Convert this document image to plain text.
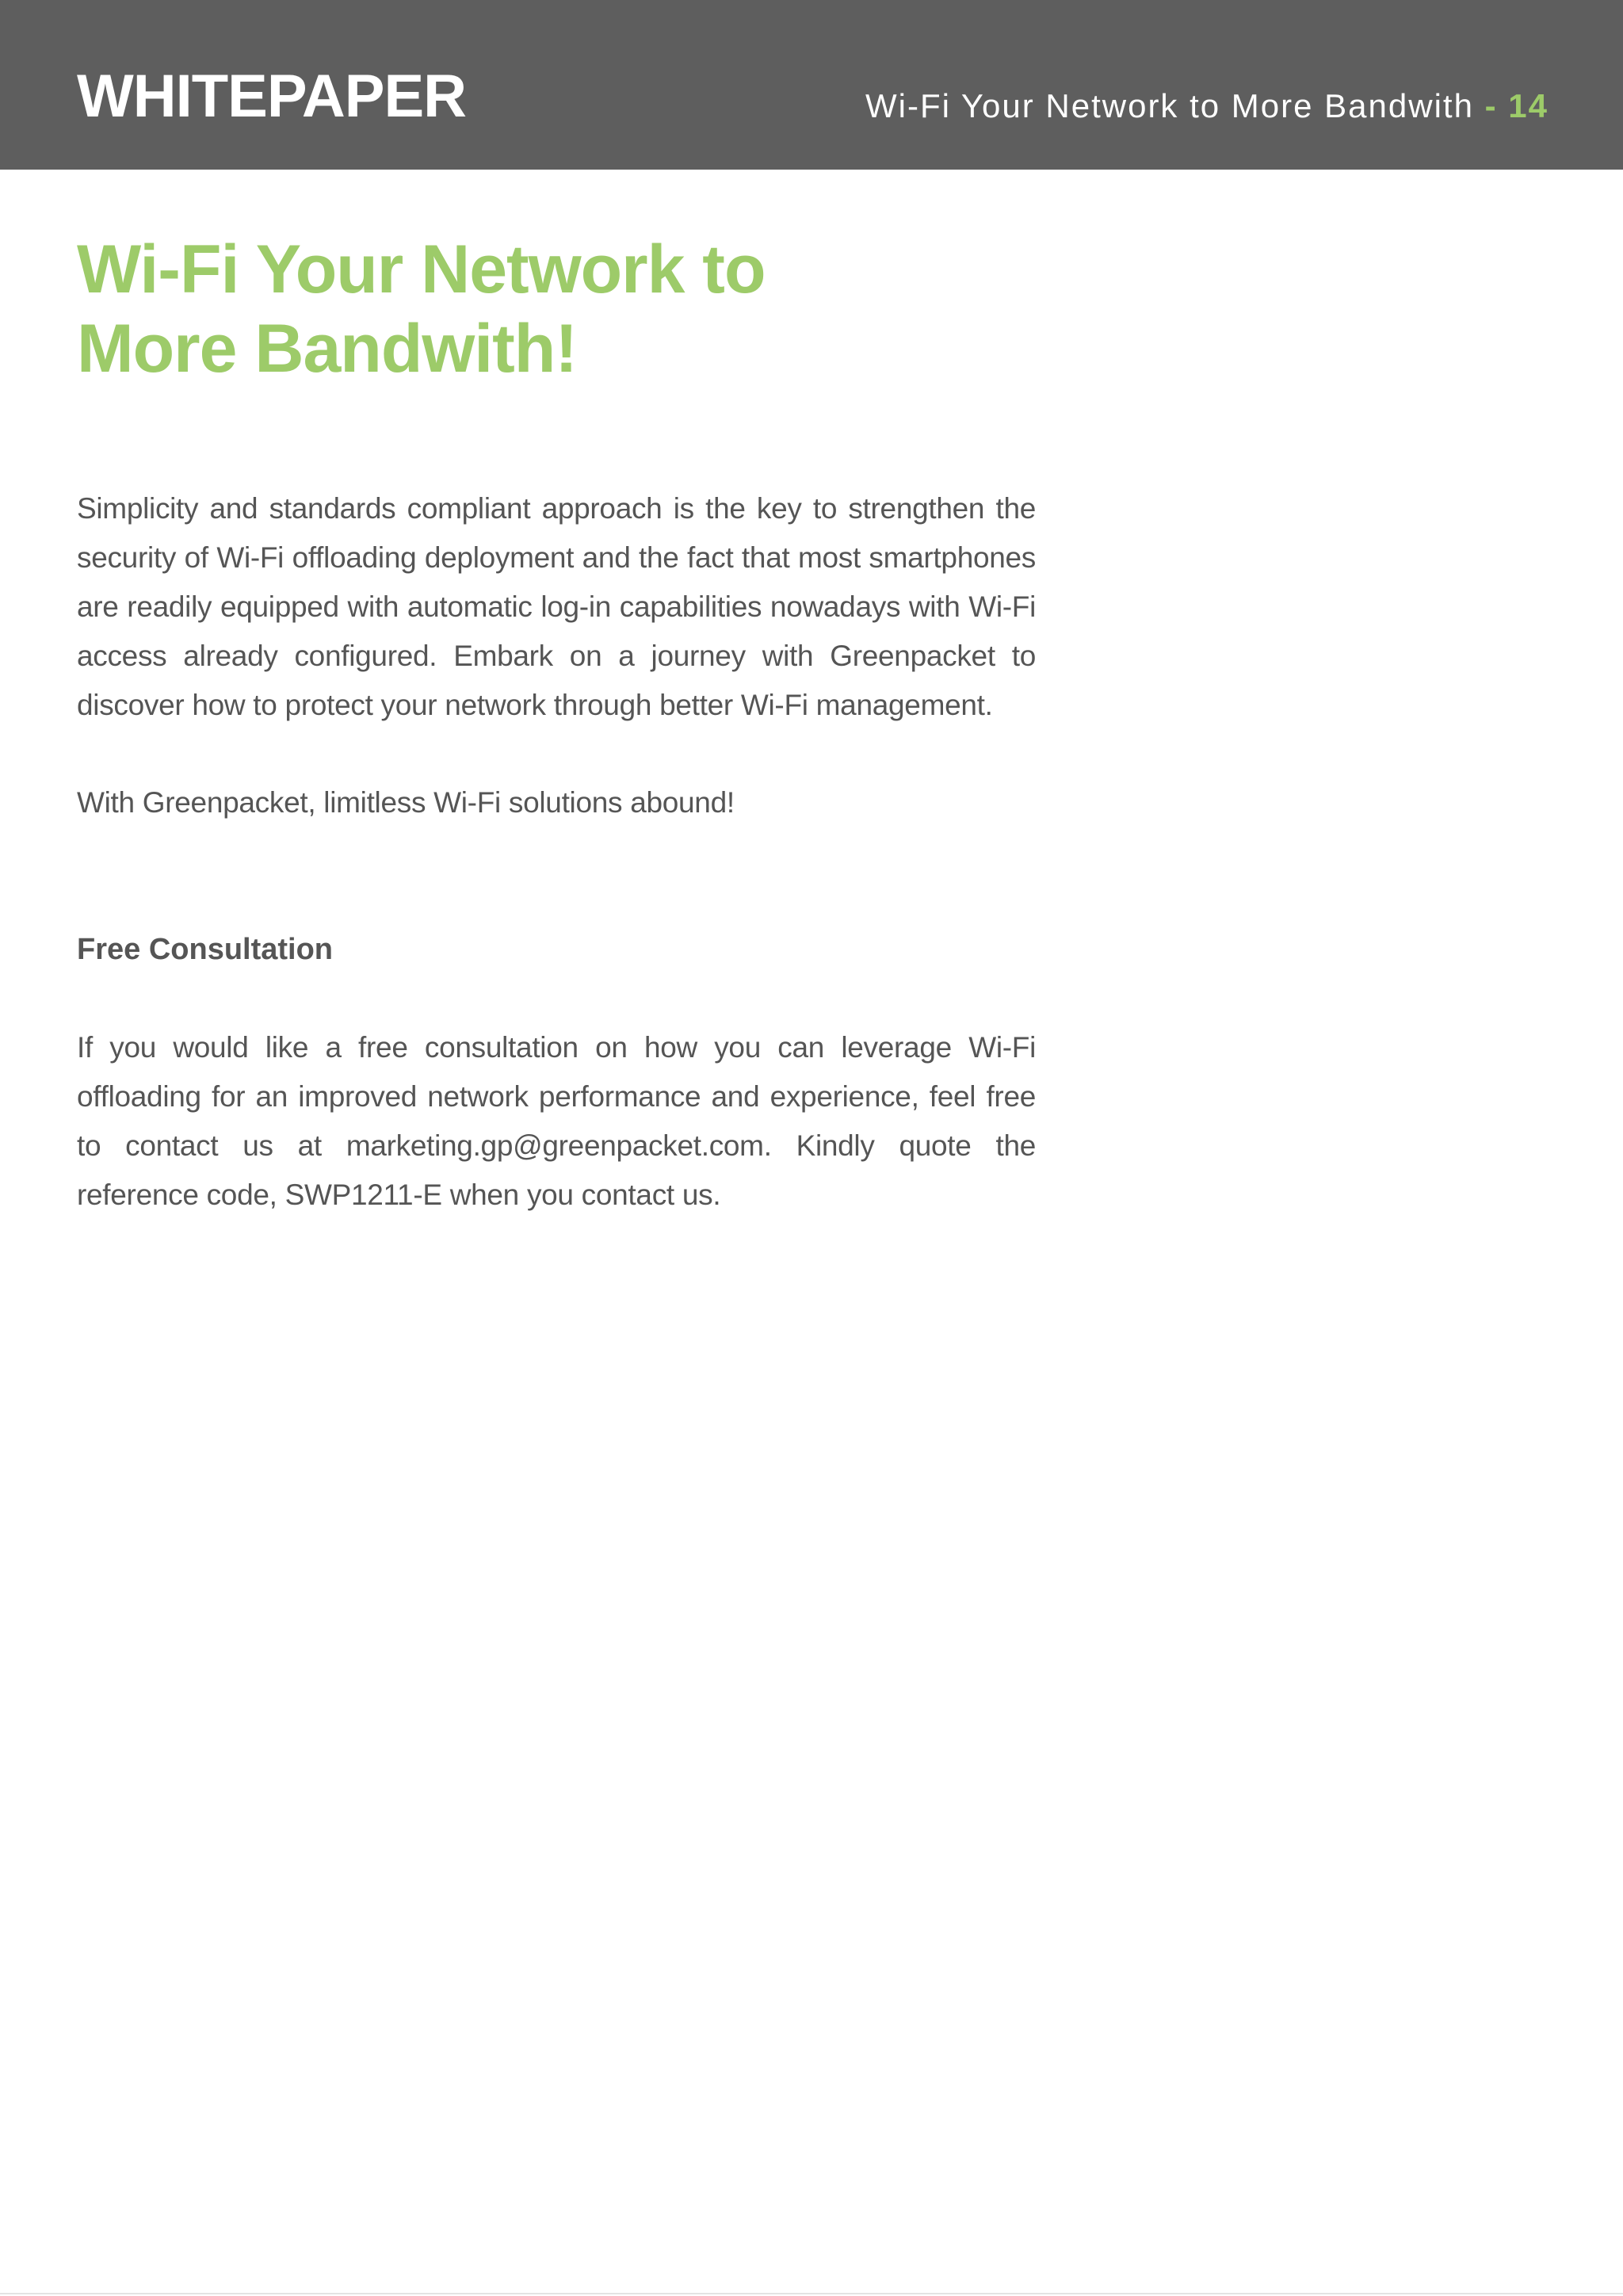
WHITEPAPER	Wi-Fi Your Network to More Bandwith - 14
Wi-Fi Your Network to
More Bandwith!

Simplicity and standards compliant approach is the key to strengthen the security of Wi-Fi offloading deployment and the fact that most smartphones are readily equipped with automatic log-in capabilities nowadays with Wi-Fi access already configured. Embark on a journey with Greenpacket to discover how to protect your network through better Wi-Fi management.

With Greenpacket, limitless Wi-Fi solutions abound!

Free Consultation

If you would like a free consultation on how you can leverage Wi-Fi offloading for an improved network performance and experience, feel free to contact us at marketing.gp@greenpacket.com. Kindly quote the reference code, SWP1211-E when you contact us.
